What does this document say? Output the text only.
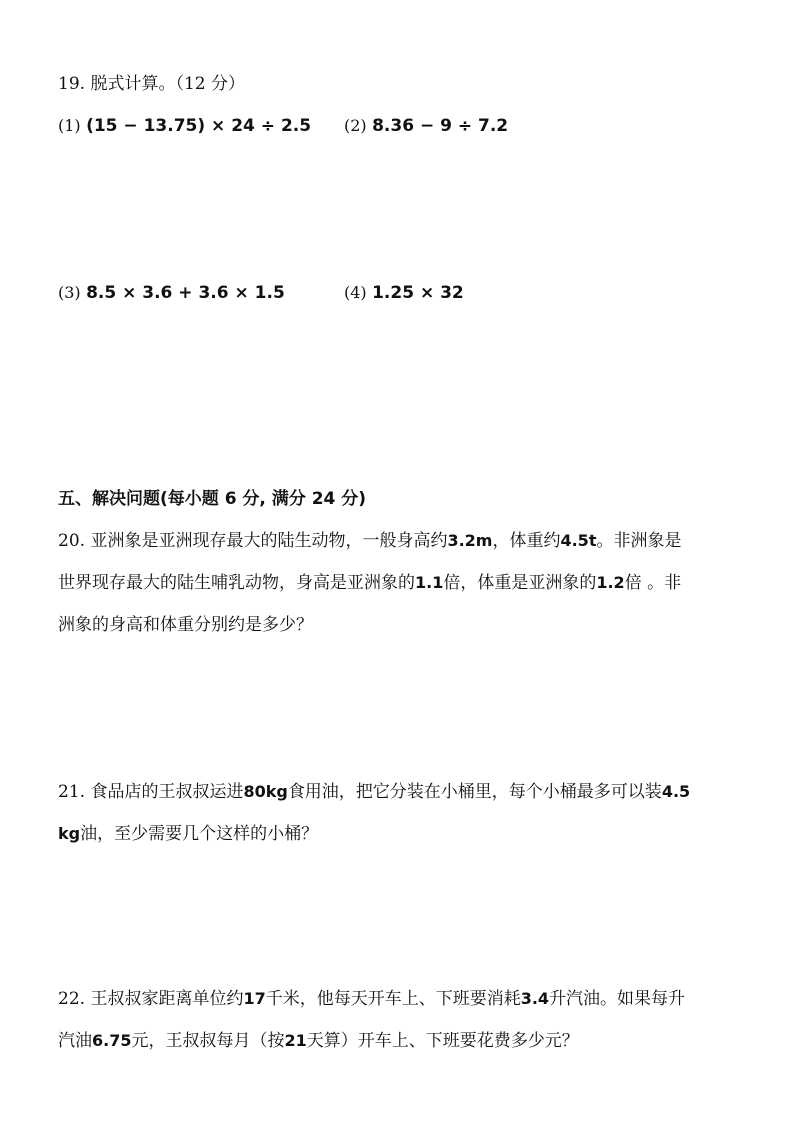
19. 脱式计算。（12 分）
(1) (15 − 13.75) × 24 ÷ 2.5 (2) 8.36 − 9 ÷ 7.2
(3) 8.5 × 3.6 + 3.6 × 1.5	(4) 1.25 × 32
五、解决问题(每小题 6 分, 满分 24 分)
20. 亚洲象是亚洲现存最大的陆生动物，一般身高约3.2m，体重约4.5t。非洲象是
世界现存最大的陆生哺乳动物，身高是亚洲象的1.1倍，体重是亚洲象的1.2倍 。非
洲象的身高和体重分别约是多少？
21. 食品店的王叔叔运进80kg食用油，把它分装在小桶里，每个小桶最多可以装4.5
kg油，至少需要几个这样的小桶？
22. 王叔叔家距离单位约17千米，他每天开车上、下班要消耗3.4升汽油。如果每升
汽油6.75元，王叔叔每月（按21天算）开车上、下班要花费多少元？
